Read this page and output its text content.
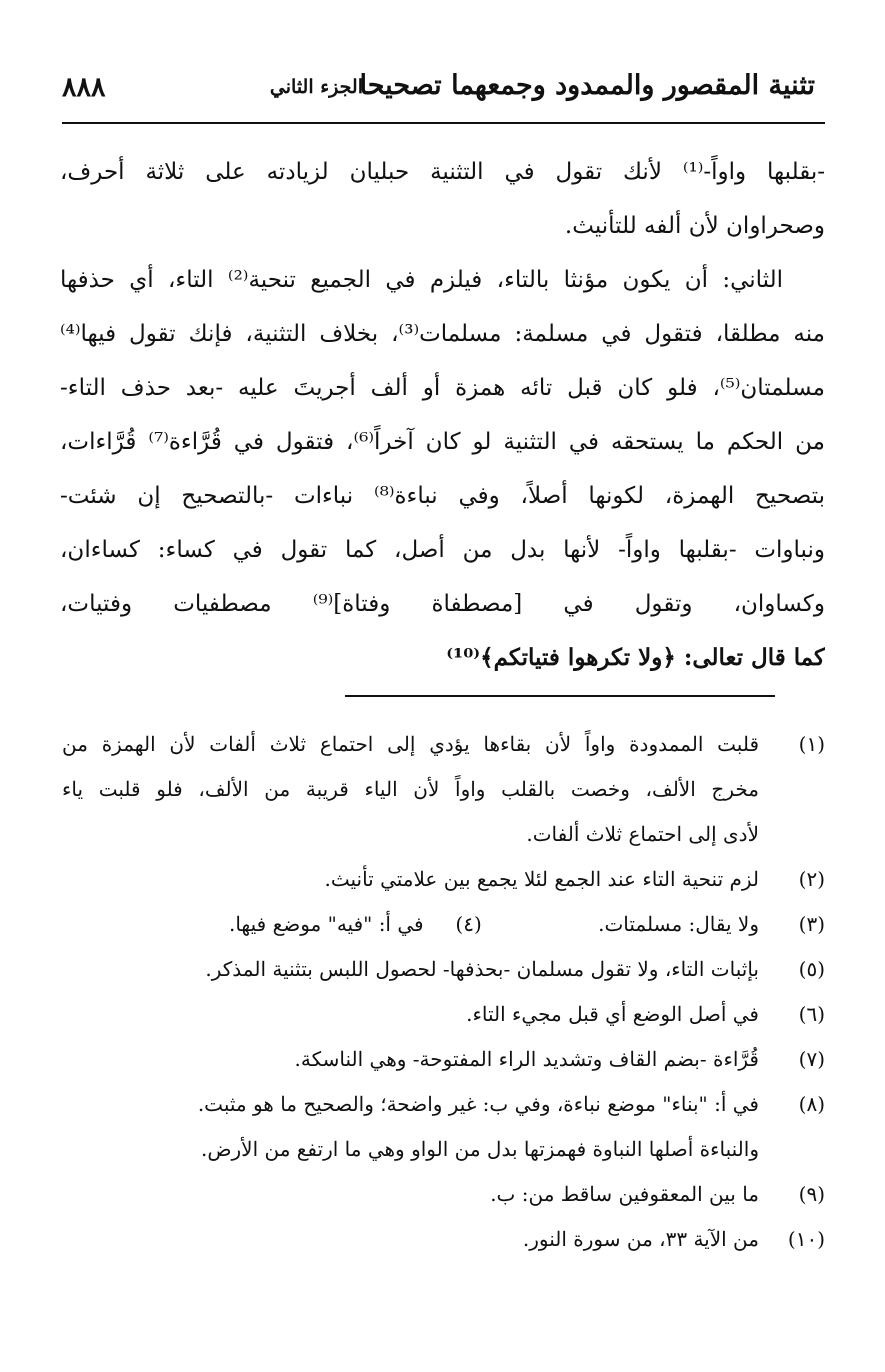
تثنية المقصور والممدود وجمعهما تصحيحا
الجزء الثاني
٨٨٨
-بقلبها واواً-⁽¹⁾ لأنك تقول في التثنية حبليان لزيادته على ثلاثة أحرف،
وصحراوان لأن ألفه للتأنيث.
الثاني: أن يكون مؤنثا بالتاء، فيلزم في الجميع تنحية⁽²⁾ التاء، أي حذفها
منه مطلقا، فتقول في مسلمة: مسلمات⁽³⁾، بخلاف التثنية، فإنك تقول فيها⁽⁴⁾
مسلمتان⁽⁵⁾، فلو كان قبل تائه همزة أو ألف أجريتَ عليه -بعد حذف التاء-
من الحكم ما يستحقه في التثنية لو كان آخراً⁽⁶⁾، فتقول في قُرَّاءة⁽⁷⁾ قُرَّاءات،
بتصحيح الهمزة، لكونها أصلاً، وفي نباءة⁽⁸⁾ نباءات -بالتصحيح إن شئت-
ونباوات -بقلبها واواً- لأنها بدل من أصل، كما تقول في كساء: كساءان،
وكساوان، وتقول في [مصطفاة وفتاة]⁽⁹⁾ مصطفيات وفتيات،
كما قال تعالى: ﴿ولا تكرهوا فتياتكم﴾⁽¹⁰⁾
(١)
قلبت الممدودة واواً لأن بقاءها يؤدي إلى احتماع ثلاث ألفات لأن الهمزة من
مخرج الألف، وخصت بالقلب واواً لأن الياء قريبة من الألف، فلو قلبت ياء
لأدى إلى احتماع ثلاث ألفات.
(٢)
لزم تنحية التاء عند الجمع لئلا يجمع بين علامتي تأنيث.
(٣)
ولا يقال: مسلمتات. (٤)     في أ: "فيه" موضع فيها.
(٥)
بإثبات التاء، ولا تقول مسلمان -بحذفها- لحصول اللبس بتثنية المذكر.
(٦)
في أصل الوضع أي قبل مجيء التاء.
(٧)
قُرَّاءة -بضم القاف وتشديد الراء المفتوحة- وهي الناسكة.
(٨)
في أ: "بناء" موضع نباءة، وفي ب: غير واضحة؛ والصحيح ما هو مثبت.
والنباءة أصلها النباوة فهمزتها بدل من الواو وهي ما ارتفع من الأرض.
(٩)
ما بين المعقوفين ساقط من: ب.
(١٠)
من الآية ٣٣، من سورة النور.
